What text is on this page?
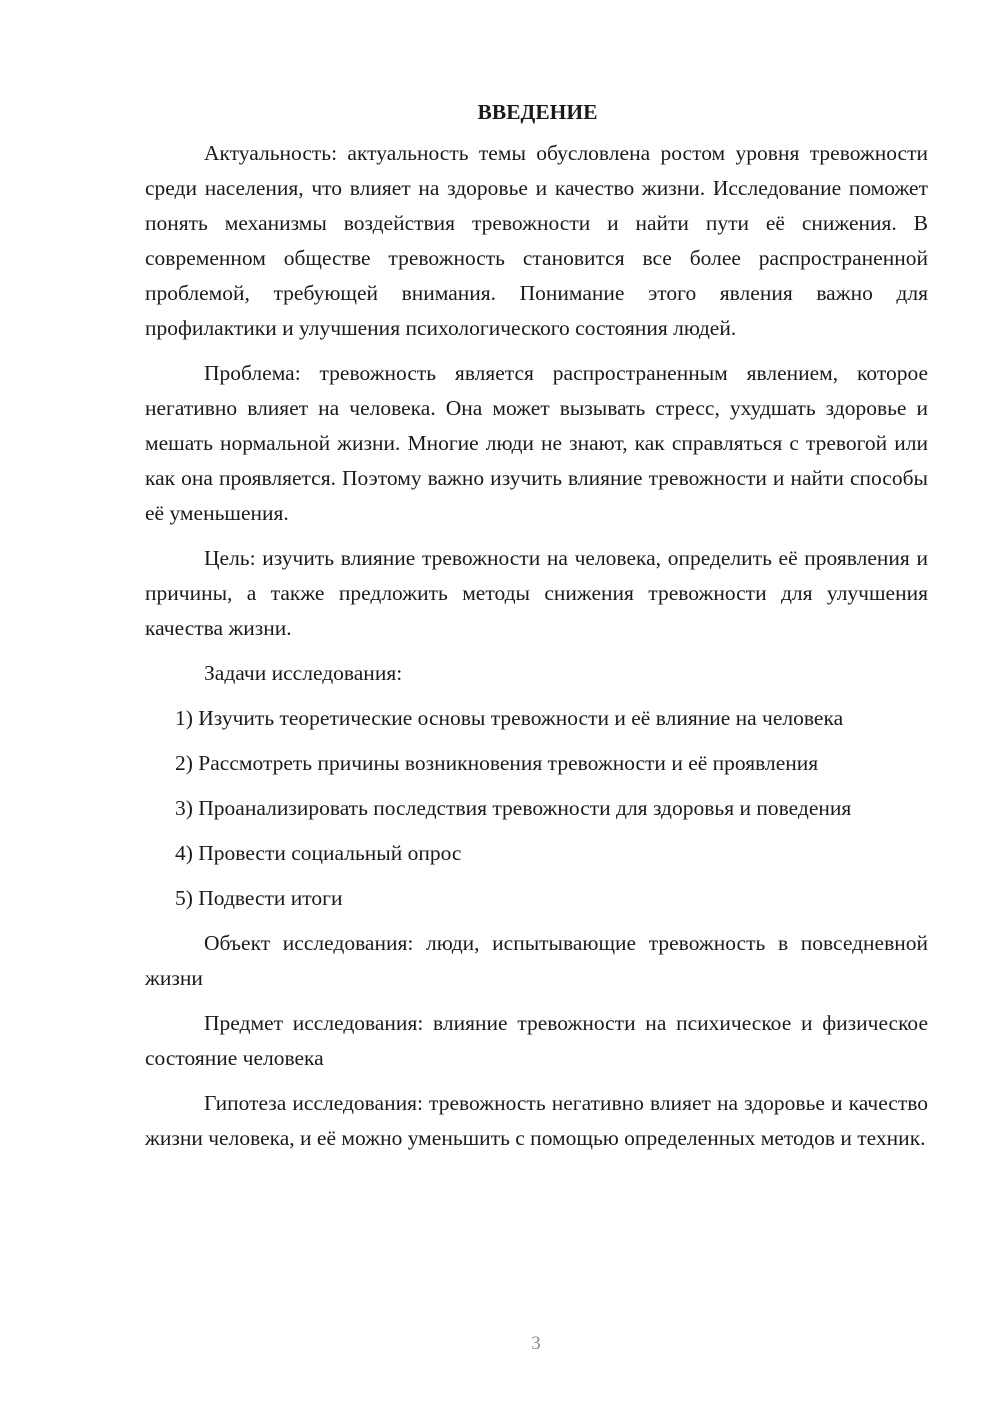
ВВЕДЕНИЕ

Актуальность: актуальность темы обусловлена ростом уровня тревожности среди населения, что влияет на здоровье и качество жизни. Исследование поможет понять механизмы воздействия тревожности и найти пути её снижения. В современном обществе тревожность становится все более распространенной проблемой, требующей внимания. Понимание этого явления важно для профилактики и улучшения психологического состояния людей.

Проблема: тревожность является распространенным явлением, которое негативно влияет на человека. Она может вызывать стресс, ухудшать здоровье и мешать нормальной жизни. Многие люди не знают, как справляться с тревогой или как она проявляется. Поэтому важно изучить влияние тревожности и найти способы её уменьшения.

Цель: изучить влияние тревожности на человека, определить её проявления и причины, а также предложить методы снижения тревожности для улучшения качества жизни.

Задачи исследования:

1) Изучить теоретические основы тревожности и её влияние на человека

2) Рассмотреть причины возникновения тревожности и её проявления

3) Проанализировать последствия тревожности для здоровья и поведения

4) Провести социальный опрос

5) Подвести итоги

Объект исследования: люди, испытывающие тревожность в повседневной жизни

Предмет исследования: влияние тревожности на психическое и физическое состояние человека

Гипотеза исследования: тревожность негативно влияет на здоровье и качество жизни человека, и её можно уменьшить с помощью определенных методов и техник.

3
